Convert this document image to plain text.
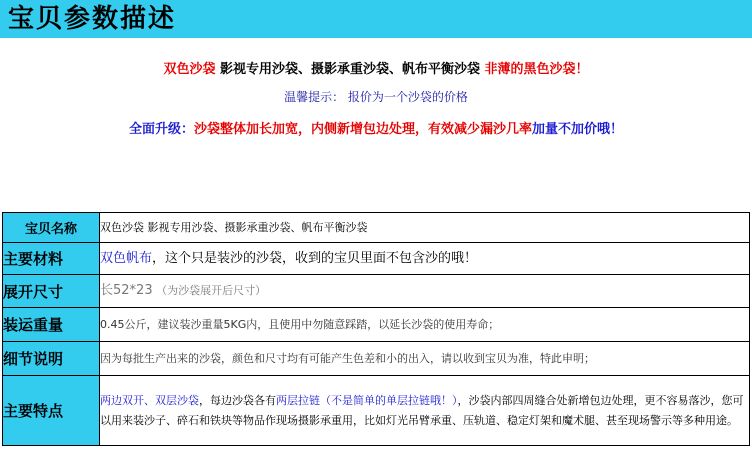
宝贝参数描述
双色沙袋 影视专用沙袋、摄影承重沙袋、帆布平衡沙袋 非薄的黑色沙袋！
温馨提示： 报价为一个沙袋的价格
全面升级：沙袋整体加长加宽，内侧新增包边处理，有效减少漏沙几率加量不加价哦！
宝贝名称	双色沙袋 影视专用沙袋、摄影承重沙袋、帆布平衡沙袋
主要材料	双色帆布，这个只是装沙的沙袋，收到的宝贝里面不包含沙的哦！
展开尺寸	长52*23 （为沙袋展开后尺寸）
装运重量	0.45公斤，建议装沙重量5KG内，且使用中勿随意踩踏，以延长沙袋的使用寿命；
细节说明	因为每批生产出来的沙袋，颜色和尺寸均有可能产生色差和小的出入，请以收到宝贝为准，特此申明；
主要特点	两边双开、双层沙袋，每边沙袋各有两层拉链（不是简单的单层拉链哦！），沙袋内部四周缝合处新增包边处理，更不容易落沙，您可以用来装沙子、碎石和铁块等物品作现场摄影承重用，比如灯光吊臂承重、压轨道、稳定灯架和魔术腿、甚至现场警示等多种用途。
